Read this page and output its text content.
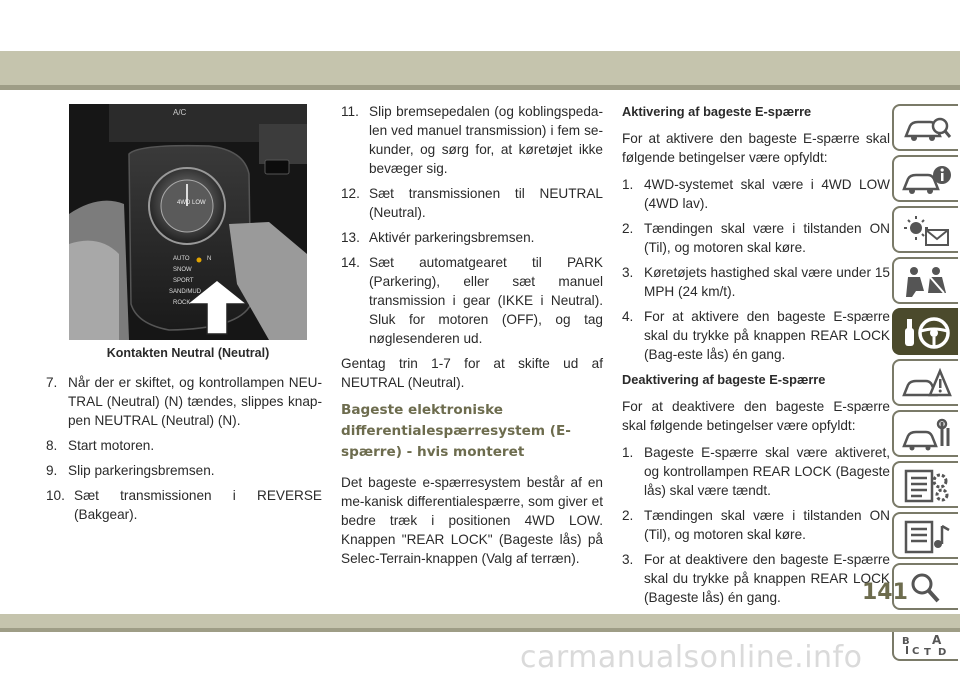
A/C
4WD LOW
AUTO	N
SNOW
SPORT
SAND/MUD
ROCK
Kontakten Neutral (Neutral)
7. Når der er skiftet, og kontrollampen NEU-TRAL (Neutral) (N) tændes, slippes knap-pen NEUTRAL (Neutral) (N).
8. Start motoren.
9. Slip parkeringsbremsen.
10. Sæt transmissionen i REVERSE (Bakgear).
11. Slip bremsepedalen (og koblingspeda-len ved manuel transmission) i fem se-kunder, og sørg for, at køretøjet ikke bevæger sig.
12. Sæt transmissionen til NEUTRAL (Neutral).
13. Aktivér parkeringsbremsen.
14. Sæt automatgearet til PARK (Parkering), eller sæt manuel transmission i gear (IKKE i Neutral). Sluk for motoren (OFF), og tag nøglesenderen ud.

Gentag trin 1-7 for at skifte ud af NEUTRAL (Neutral).

Bageste elektroniske differentialespærresystem (E-spærre) - hvis monteret

Det bageste e-spærresystem består af en me-kanisk differentialespærre, som giver et bedre træk i positionen 4WD LOW. Knappen "REAR LOCK" (Bageste lås) på Selec-Terrain-knappen (Valg af terræn).

Aktivering af bageste E-spærre

For at aktivere den bageste E-spærre skal følgende betingelser være opfyldt:

1. 4WD-systemet skal være i 4WD LOW (4WD lav).
2. Tændingen skal være i tilstanden ON (Til), og motoren skal køre.
3. Køretøjets hastighed skal være under 15 MPH (24 km/t).
4. For at aktivere den bageste E-spærre skal du trykke på knappen REAR LOCK (Bag-este lås) én gang.
Deaktivering af bageste E-spærre

For at deaktivere den bageste E-spærre skal følgende betingelser være opfyldt:

1. Bageste E-spærre skal være aktiveret, og kontrollampen REAR LOCK (Bageste lås) skal være tændt.
2. Tændingen skal være i tilstanden ON (Til), og motoren skal køre.
3. For at deaktivere den bageste E-spærre skal du trykke på knappen REAR LOCK (Bageste lås) én gang.
B A
C T D
141
carmanualsonline.info
